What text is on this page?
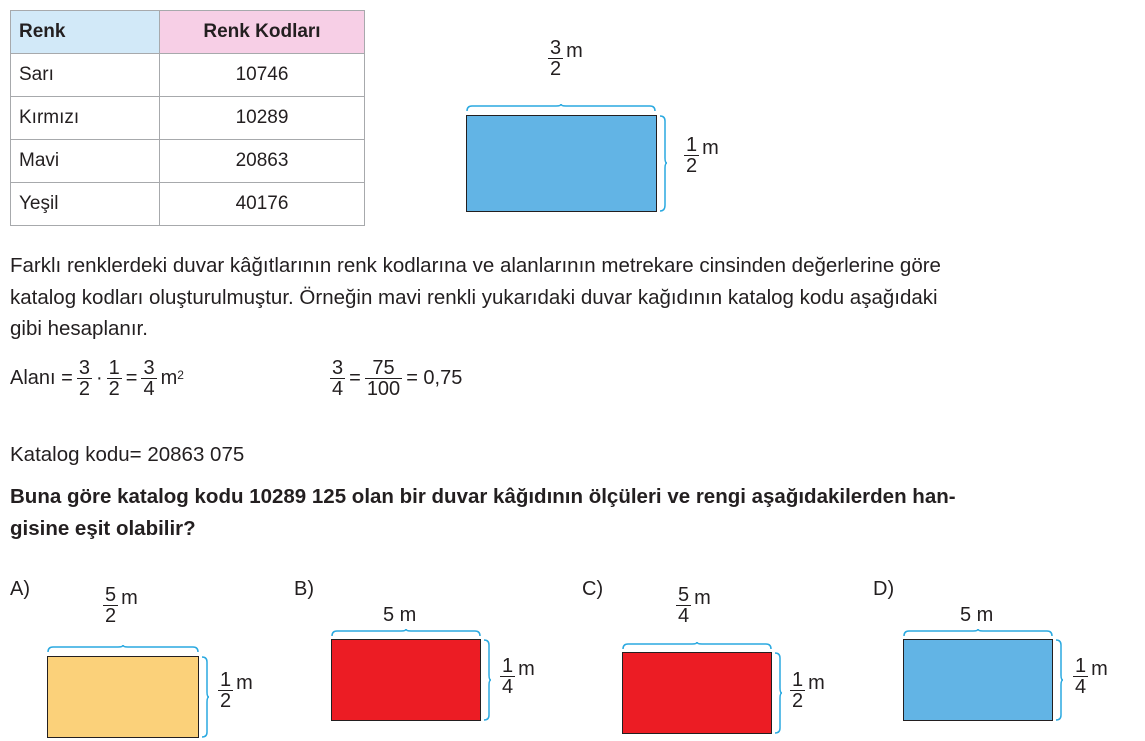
Renk	Renk Kodları
Sarı	10746
Kırmızı	10289
Mavi	20863
Yeşil	40176
$\frac{3}{2}$ m
$\frac{1}{2}$ m
Farklı renklerdeki duvar kâğıtlarının renk kodlarına ve alanlarının metrekare cinsinden değerlerine göre
katalog kodları oluşturulmuştur. Örneğin mavi renkli yukarıdaki duvar kağıdının katalog kodu aşağıdaki
gibi hesaplanır.
Alanı = $\frac{3}{2} \cdot \frac{1}{2} = \frac{3}{4} m^2$	$\frac{3}{4} = \frac{75}{100} = 0,75$
Katalog kodu= 20863 075
Buna göre katalog kodu 10289 125 olan bir duvar kâğıdının ölçüleri ve rengi aşağıdakilerden han-
gisine eşit olabilir?
A)	$\frac{5}{2}$ m
$\frac{1}{2}$ m
B)
5 m
$\frac{1}{4}$ m
C)	$\frac{5}{4}$ m
$\frac{1}{2}$ m
D)
5 m
$\frac{1}{4}$ m
